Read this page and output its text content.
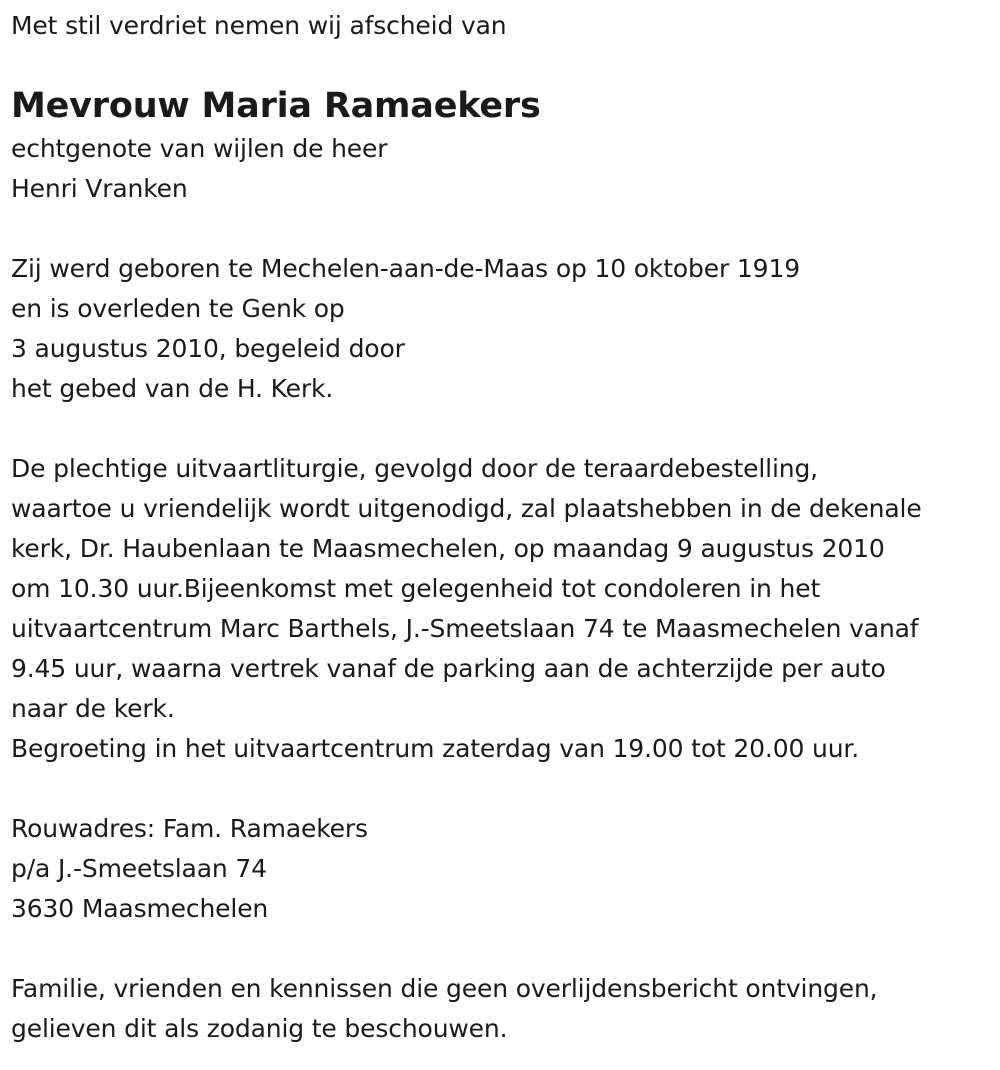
Met stil verdriet nemen wij afscheid van
Mevrouw Maria Ramaekers
echtgenote van wijlen de heer
Henri Vranken
Zij werd geboren te Mechelen-aan-de-Maas op 10 oktober 1919
en is overleden te Genk op
3 augustus 2010, begeleid door
het gebed van de H. Kerk.
De plechtige uitvaartliturgie, gevolgd door de teraardebestelling,
waartoe u vriendelijk wordt uitgenodigd, zal plaatshebben in de dekenale
kerk, Dr. Haubenlaan te Maasmechelen, op maandag 9 augustus 2010
om 10.30 uur.Bijeenkomst met gelegenheid tot condoleren in het
uitvaartcentrum Marc Barthels, J.-Smeetslaan 74 te Maasmechelen vanaf
9.45 uur, waarna vertrek vanaf de parking aan de achterzijde per auto
naar de kerk.
Begroeting in het uitvaartcentrum zaterdag van 19.00 tot 20.00 uur.
Rouwadres: Fam. Ramaekers
p/a J.-Smeetslaan 74
3630 Maasmechelen
Familie, vrienden en kennissen die geen overlijdensbericht ontvingen,
gelieven dit als zodanig te beschouwen.
